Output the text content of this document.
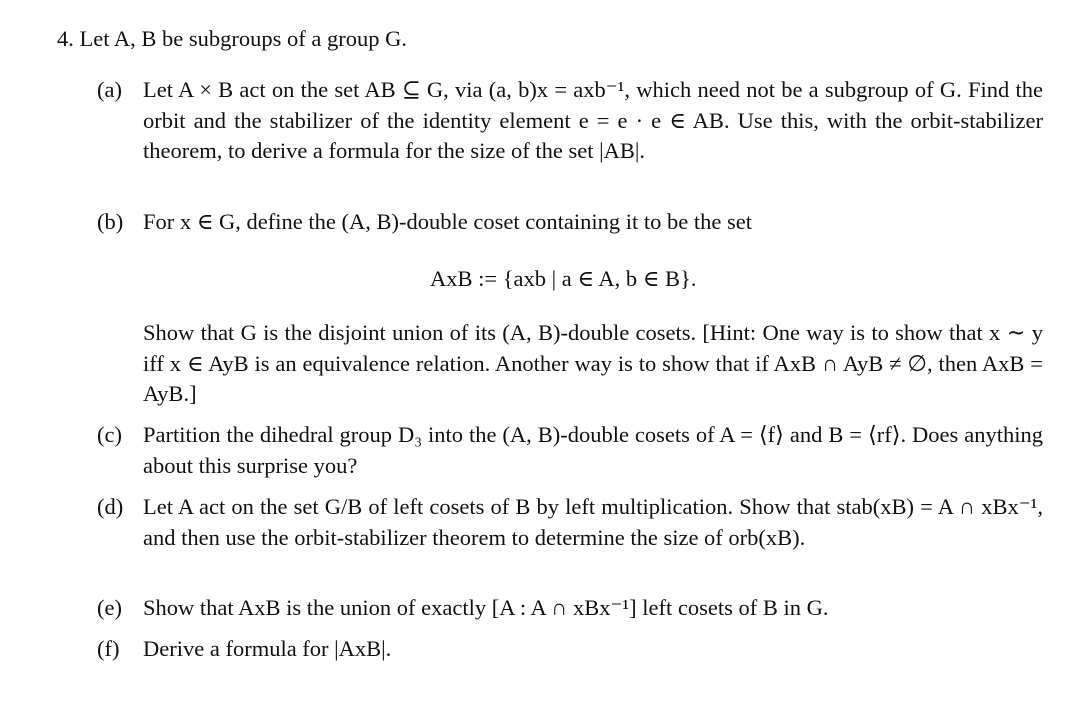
4. Let A, B be subgroups of a group G.
(a) Let A × B act on the set AB ⊆ G, via (a, b)x = axb⁻¹, which need not be a subgroup of G. Find the orbit and the stabilizer of the identity element e = e · e ∈ AB. Use this, with the orbit-stabilizer theorem, to derive a formula for the size of the set |AB|.
(b) For x ∈ G, define the (A, B)-double coset containing it to be the set
AxB := {axb | a ∈ A, b ∈ B}.
Show that G is the disjoint union of its (A, B)-double cosets. [Hint: One way is to show that x ∼ y iff x ∈ AyB is an equivalence relation. Another way is to show that if AxB ∩ AyB ≠ ∅, then AxB = AyB.]
(c) Partition the dihedral group D₃ into the (A, B)-double cosets of A = ⟨f⟩ and B = ⟨rf⟩. Does anything about this surprise you?
(d) Let A act on the set G/B of left cosets of B by left multiplication. Show that stab(xB) = A ∩ xBx⁻¹, and then use the orbit-stabilizer theorem to determine the size of orb(xB).
(e) Show that AxB is the union of exactly [A : A ∩ xBx⁻¹] left cosets of B in G.
(f)	Derive a formula for |AxB|.
